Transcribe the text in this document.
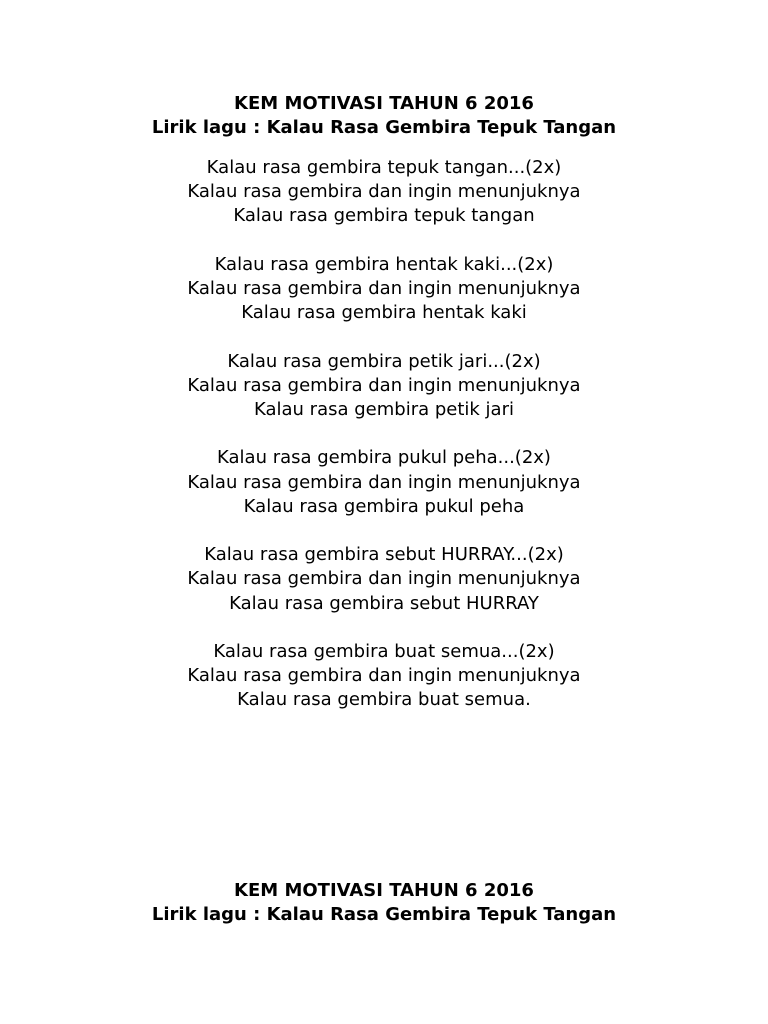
KEM MOTIVASI TAHUN 6 2016
Lirik lagu : Kalau Rasa Gembira Tepuk Tangan
Kalau rasa gembira tepuk tangan...(2x)
Kalau rasa gembira dan ingin menunjuknya
Kalau rasa gembira tepuk tangan
Kalau rasa gembira hentak kaki...(2x)
Kalau rasa gembira dan ingin menunjuknya
Kalau rasa gembira hentak kaki
Kalau rasa gembira petik jari...(2x)
Kalau rasa gembira dan ingin menunjuknya
Kalau rasa gembira petik jari
Kalau rasa gembira pukul peha...(2x)
Kalau rasa gembira dan ingin menunjuknya
Kalau rasa gembira pukul peha
Kalau rasa gembira sebut HURRAY...(2x)
Kalau rasa gembira dan ingin menunjuknya
Kalau rasa gembira sebut HURRAY
Kalau rasa gembira buat semua...(2x)
Kalau rasa gembira dan ingin menunjuknya
Kalau rasa gembira buat semua.
KEM MOTIVASI TAHUN 6 2016
Lirik lagu : Kalau Rasa Gembira Tepuk Tangan
